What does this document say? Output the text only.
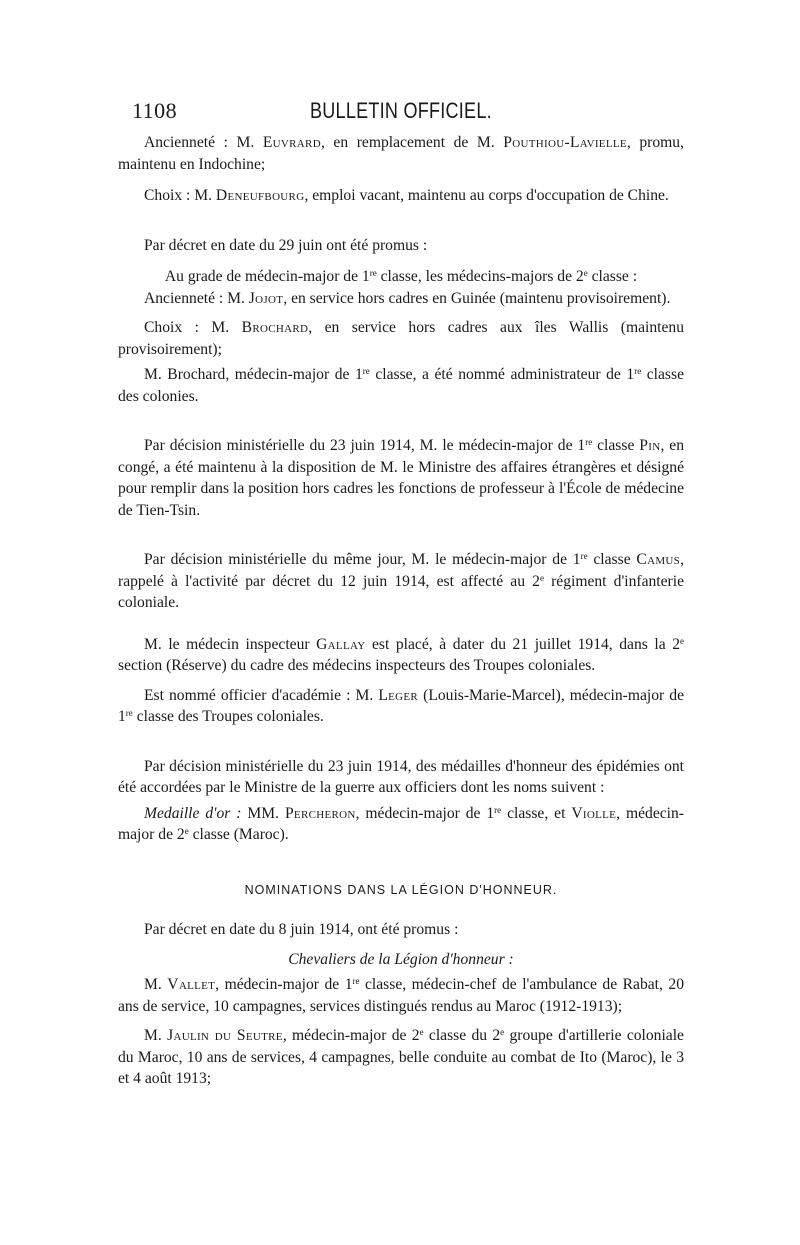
1108	BULLETIN OFFICIEL.

Ancienneté : M. Euvrard, en remplacement de M. Pouthiou-Lavielle, promu, maintenu en Indochine;

Choix : M. Deneufbourg, emploi vacant, maintenu au corps d'occupation de Chine.

Par décret en date du 29 juin ont été promus :

Au grade de médecin-major de 1re classe, les médecins-majors de 2e classe :

Ancienneté : M. Jojot, en service hors cadres en Guinée (maintenu provisoirement).

Choix : M. Brochard, en service hors cadres aux îles Wallis (maintenu provisoirement);

M. Brochard, médecin-major de 1re classe, a été nommé administrateur de 1re classe des colonies.

Par décision ministérielle du 23 juin 1914, M. le médecin-major de 1re classe Pin, en congé, a été maintenu à la disposition de M. le Ministre des affaires étrangères et désigné pour remplir dans la position hors cadres les fonctions de professeur à l'École de médecine de Tien-Tsin.

Par décision ministérielle du même jour, M. le médecin-major de 1re classe Camus, rappelé à l'activité par décret du 12 juin 1914, est affecté au 2e régiment d'infanterie coloniale.

M. le médecin inspecteur Gallay est placé, à dater du 21 juillet 1914, dans la 2e section (Réserve) du cadre des médecins inspecteurs des Troupes coloniales.

Est nommé officier d'académie : M. Leger (Louis-Marie-Marcel), médecin-major de 1re classe des Troupes coloniales.

Par décision ministérielle du 23 juin 1914, des médailles d'honneur des épidémies ont été accordées par le Ministre de la guerre aux officiers dont les noms suivent :

Medaille d'or : MM. Percheron, médecin-major de 1re classe, et Violle, médecin-major de 2e classe (Maroc).

NOMINATIONS DANS LA LÉGION D'HONNEUR.

Par décret en date du 8 juin 1914, ont été promus :

Chevaliers de la Légion d'honneur :

M. Vallet, médecin-major de 1re classe, médecin-chef de l'ambulance de Rabat, 20 ans de service, 10 campagnes, services distingués rendus au Maroc (1912-1913);

M. Jaulin du Seutre, médecin-major de 2e classe du 2e groupe d'artillerie coloniale du Maroc, 10 ans de services, 4 campagnes, belle conduite au combat de Ito (Maroc), le 3 et 4 août 1913;
